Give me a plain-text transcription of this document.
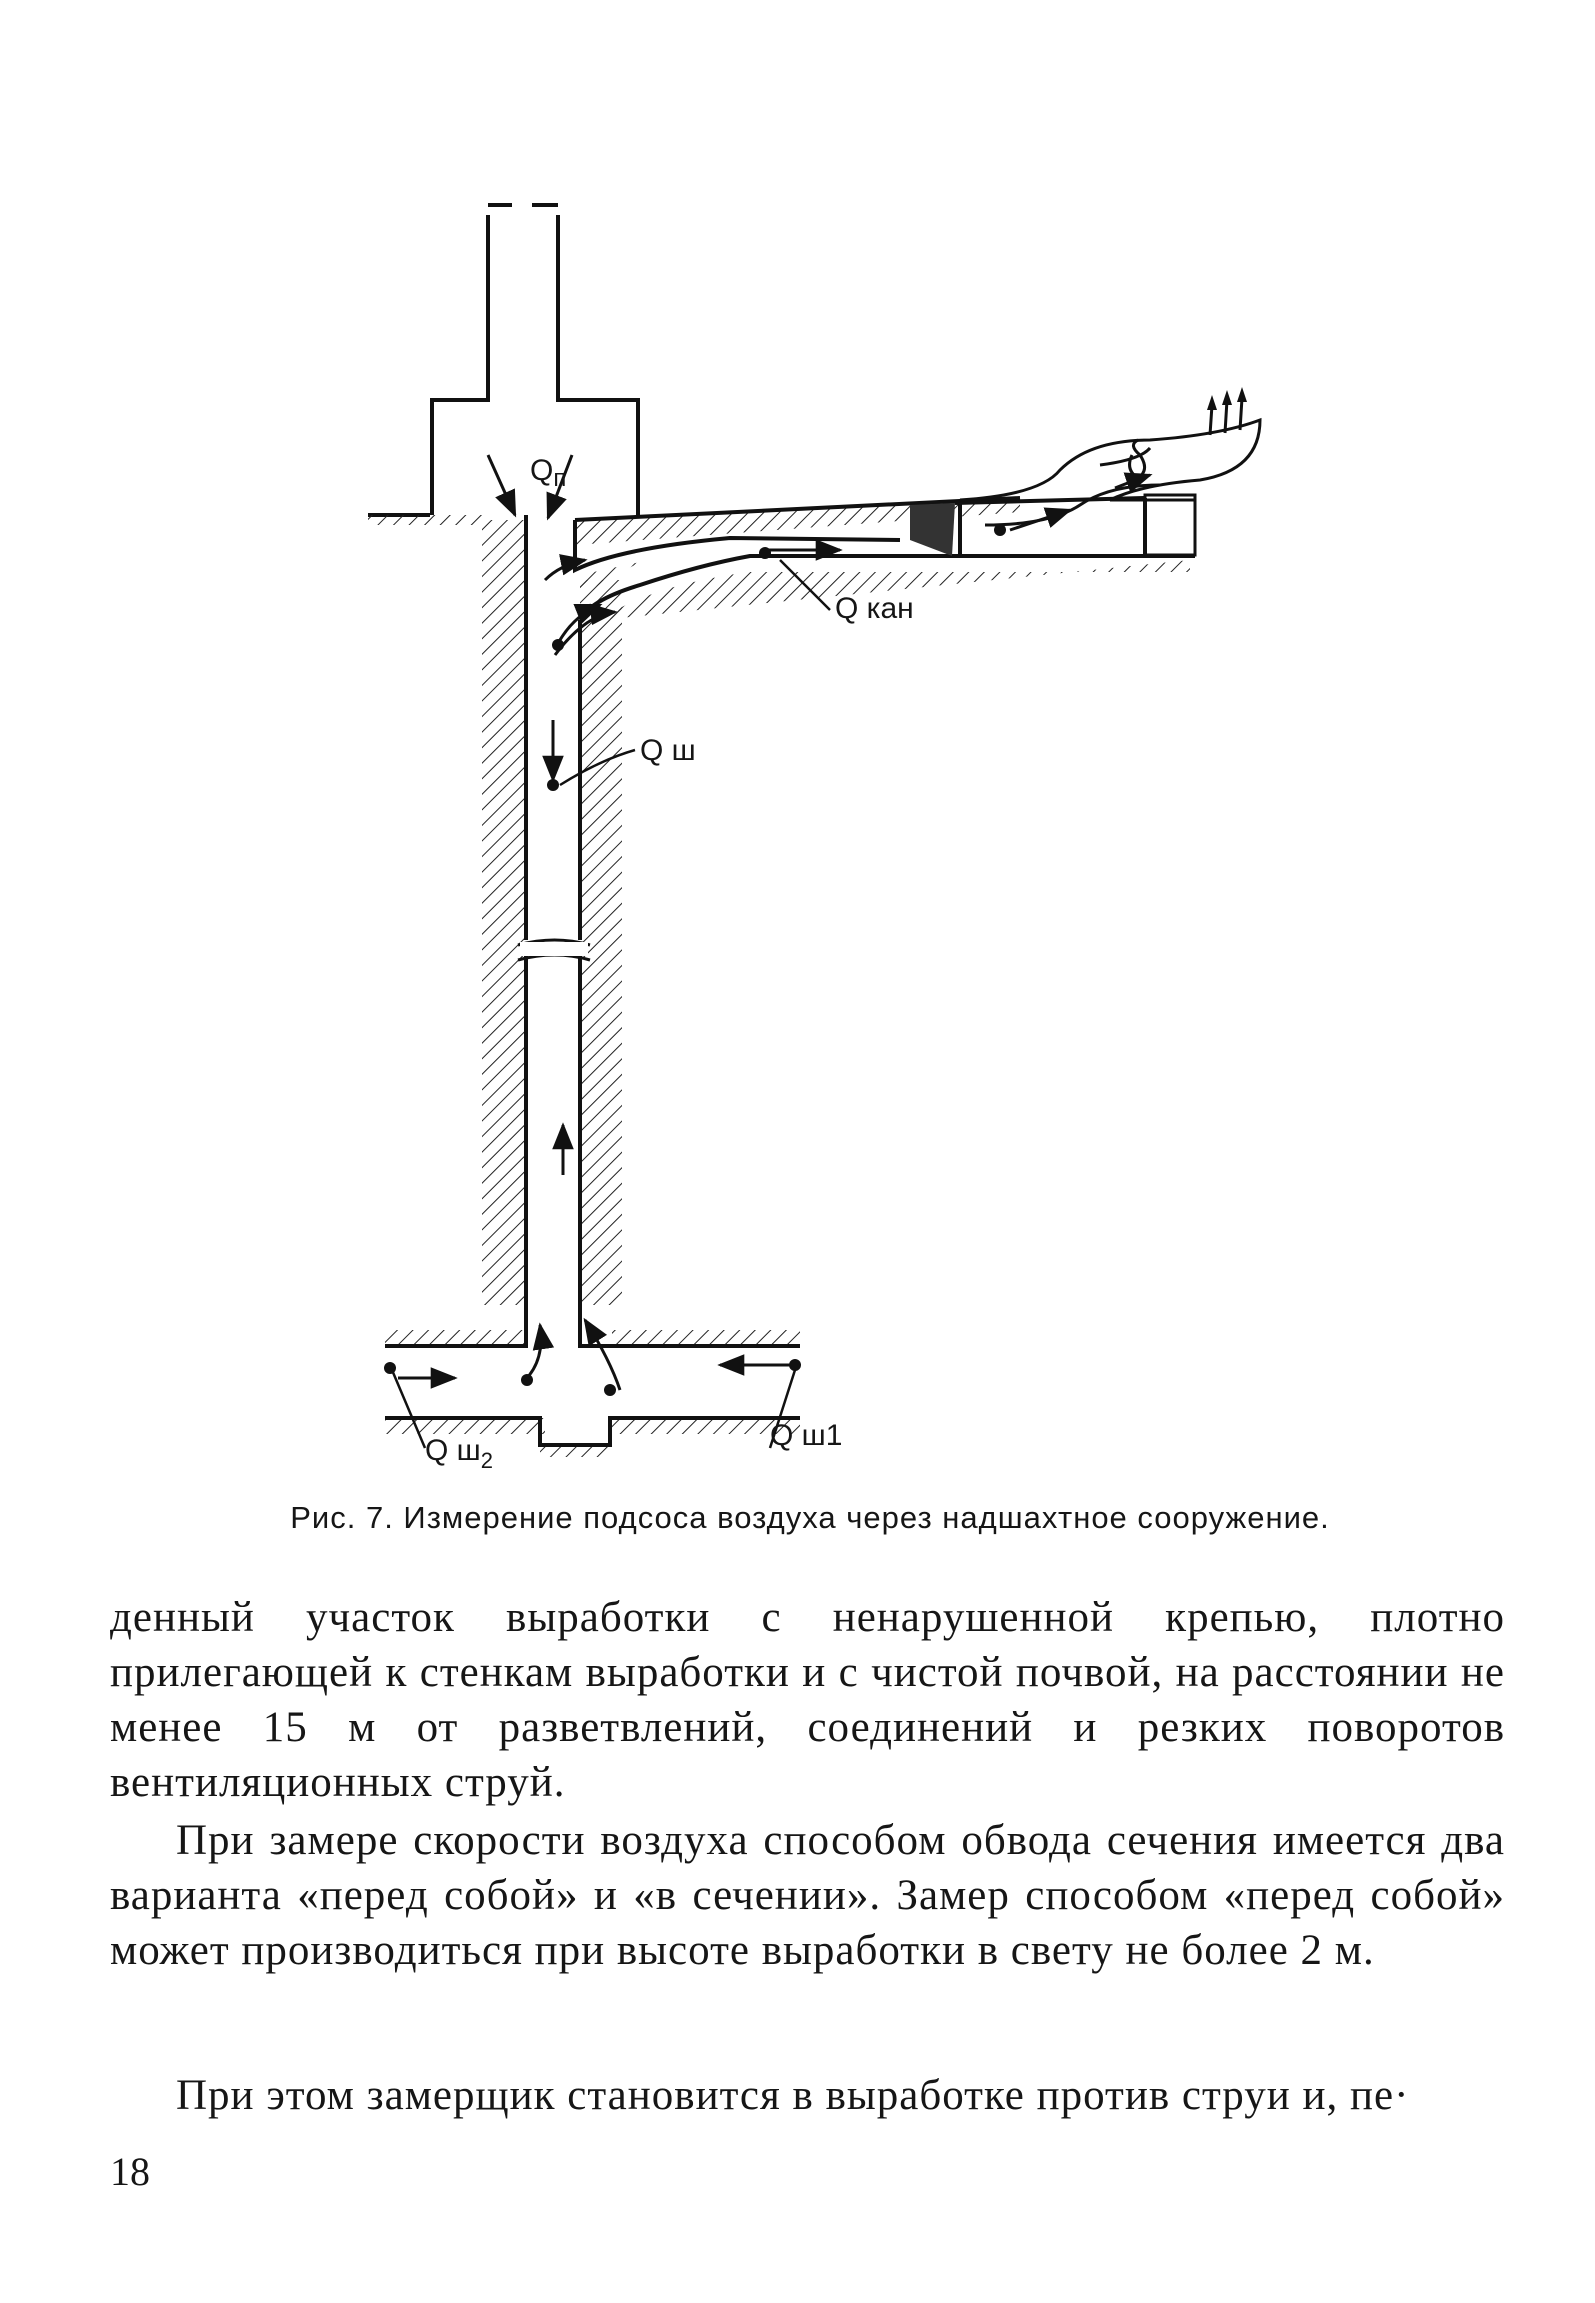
$Q_п$
Q кан
Q ш
Q $ш_2$
Q ш1
Рис. 7. Измерение подсоса воздуха через надшахтное сооружение.

денный участок выработки с ненарушенной крепью, плотно прилегающей к стенкам выработки и с чистой почвой, на расстоянии не менее 15 м от разветвлений, соединений и резких поворотов вентиляционных струй.

При замере скорости воздуха способом обвода сечения имеется два варианта «перед собой» и «в сечении». Замер способом «перед собой» может производиться при высоте выработки в свету не более 2 м.

При этом замерщик становится в выработке против струи и, пе·

18
